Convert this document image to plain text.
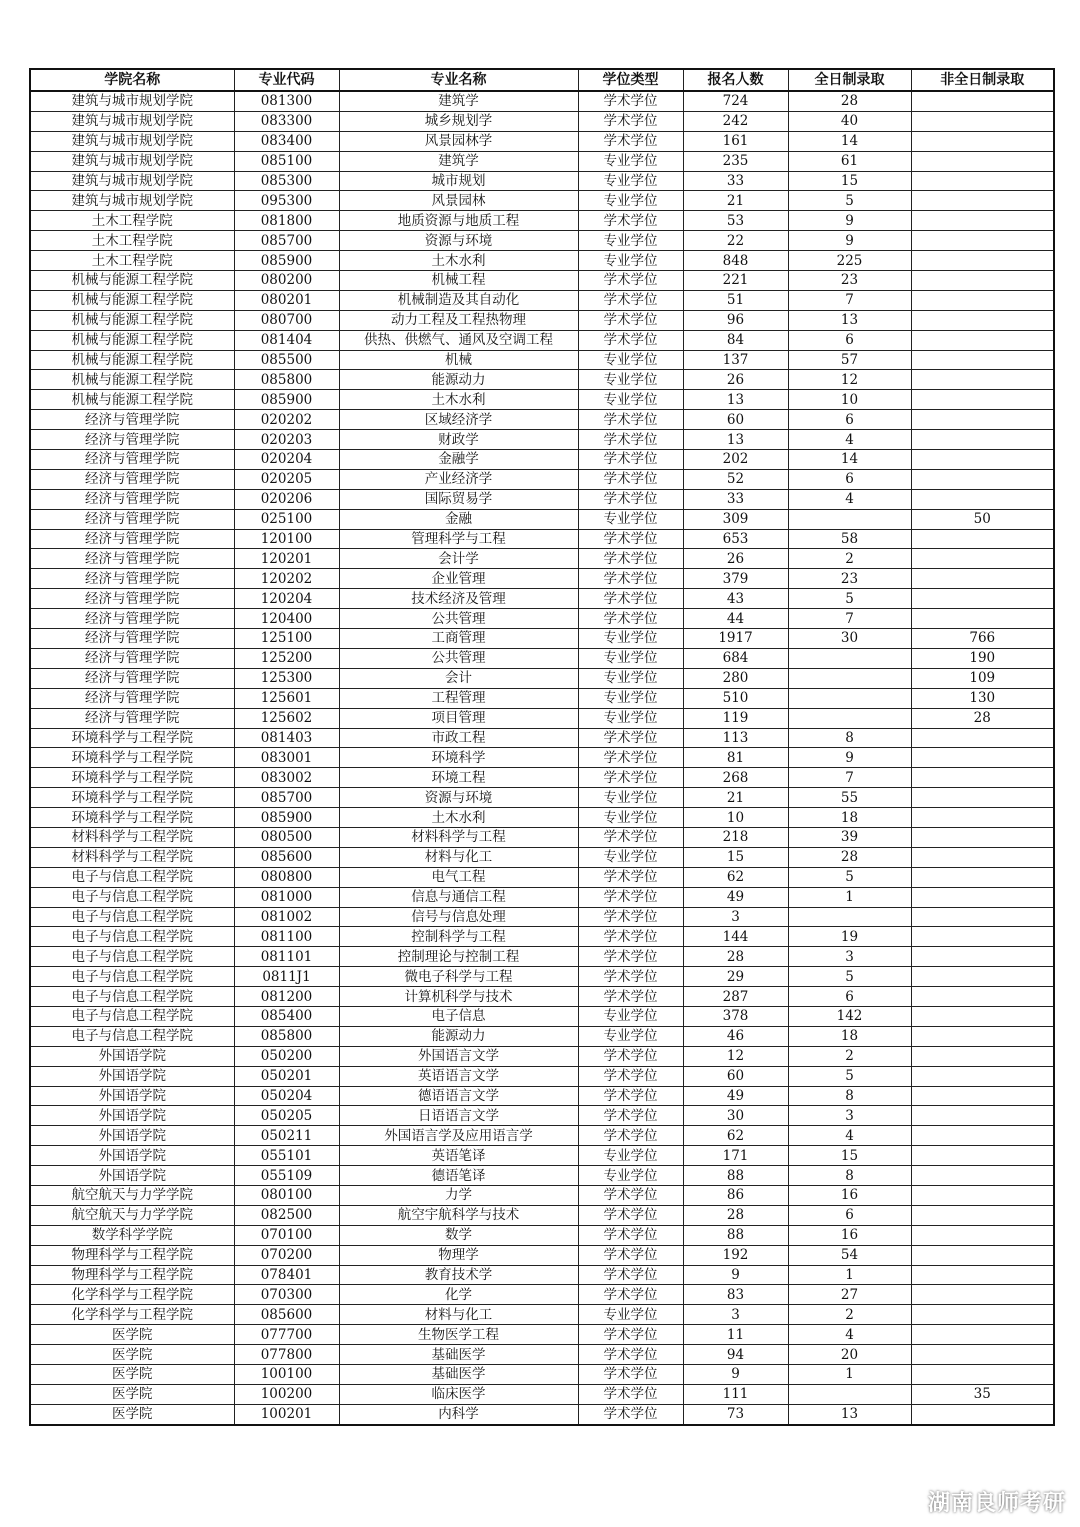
学院名称	专业代码	专业名称	学位类型	报名人数	全日制录取	非全日制录取
建筑与城市规划学院	081300	建筑学	学术学位	724	28	
建筑与城市规划学院	083300	城乡规划学	学术学位	242	40	
建筑与城市规划学院	083400	风景园林学	学术学位	161	14	
建筑与城市规划学院	085100	建筑学	专业学位	235	61	
建筑与城市规划学院	085300	城市规划	专业学位	33	15	
建筑与城市规划学院	095300	风景园林	专业学位	21	5	
土木工程学院	081800	地质资源与地质工程	学术学位	53	9	
土木工程学院	085700	资源与环境	专业学位	22	9	
土木工程学院	085900	土木水利	专业学位	848	225	
机械与能源工程学院	080200	机械工程	学术学位	221	23	
机械与能源工程学院	080201	机械制造及其自动化	学术学位	51	7	
机械与能源工程学院	080700	动力工程及工程热物理	学术学位	96	13	
机械与能源工程学院	081404	供热、供燃气、通风及空调工程	学术学位	84	6	
机械与能源工程学院	085500	机械	专业学位	137	57	
机械与能源工程学院	085800	能源动力	专业学位	26	12	
机械与能源工程学院	085900	土木水利	专业学位	13	10	
经济与管理学院	020202	区域经济学	学术学位	60	6	
经济与管理学院	020203	财政学	学术学位	13	4	
经济与管理学院	020204	金融学	学术学位	202	14	
经济与管理学院	020205	产业经济学	学术学位	52	6	
经济与管理学院	020206	国际贸易学	学术学位	33	4	
经济与管理学院	025100	金融	专业学位	309		50
经济与管理学院	120100	管理科学与工程	学术学位	653	58	
经济与管理学院	120201	会计学	学术学位	26	2	
经济与管理学院	120202	企业管理	学术学位	379	23	
经济与管理学院	120204	技术经济及管理	学术学位	43	5	
经济与管理学院	120400	公共管理	学术学位	44	7	
经济与管理学院	125100	工商管理	专业学位	1917	30	766
经济与管理学院	125200	公共管理	专业学位	684		190
经济与管理学院	125300	会计	专业学位	280		109
经济与管理学院	125601	工程管理	专业学位	510		130
经济与管理学院	125602	项目管理	专业学位	119		28
环境科学与工程学院	081403	市政工程	学术学位	113	8	
环境科学与工程学院	083001	环境科学	学术学位	81	9	
环境科学与工程学院	083002	环境工程	学术学位	268	7	
环境科学与工程学院	085700	资源与环境	专业学位	21	55	
环境科学与工程学院	085900	土木水利	专业学位	10	18	
材料科学与工程学院	080500	材料科学与工程	学术学位	218	39	
材料科学与工程学院	085600	材料与化工	专业学位	15	28	
电子与信息工程学院	080800	电气工程	学术学位	62	5	
电子与信息工程学院	081000	信息与通信工程	学术学位	49	1	
电子与信息工程学院	081002	信号与信息处理	学术学位	3		
电子与信息工程学院	081100	控制科学与工程	学术学位	144	19	
电子与信息工程学院	081101	控制理论与控制工程	学术学位	28	3	
电子与信息工程学院	0811J1	微电子科学与工程	学术学位	29	5	
电子与信息工程学院	081200	计算机科学与技术	学术学位	287	6	
电子与信息工程学院	085400	电子信息	专业学位	378	142	
电子与信息工程学院	085800	能源动力	专业学位	46	18	
外国语学院	050200	外国语言文学	学术学位	12	2	
外国语学院	050201	英语语言文学	学术学位	60	5	
外国语学院	050204	德语语言文学	学术学位	49	8	
外国语学院	050205	日语语言文学	学术学位	30	3	
外国语学院	050211	外国语言学及应用语言学	学术学位	62	4	
外国语学院	055101	英语笔译	专业学位	171	15	
外国语学院	055109	德语笔译	专业学位	88	8	
航空航天与力学学院	080100	力学	学术学位	86	16	
航空航天与力学学院	082500	航空宇航科学与技术	学术学位	28	6	
数学科学学院	070100	数学	学术学位	88	16	
物理科学与工程学院	070200	物理学	学术学位	192	54	
物理科学与工程学院	078401	教育技术学	学术学位	9	1	
化学科学与工程学院	070300	化学	学术学位	83	27	
化学科学与工程学院	085600	材料与化工	专业学位	3	2	
医学院	077700	生物医学工程	学术学位	11	4	
医学院	077800	基础医学	学术学位	94	20	
医学院	100100	基础医学	学术学位	9	1	
医学院	100200	临床医学	学术学位	111		35
医学院	100201	内科学	学术学位	73	13	
湖南良师考研
